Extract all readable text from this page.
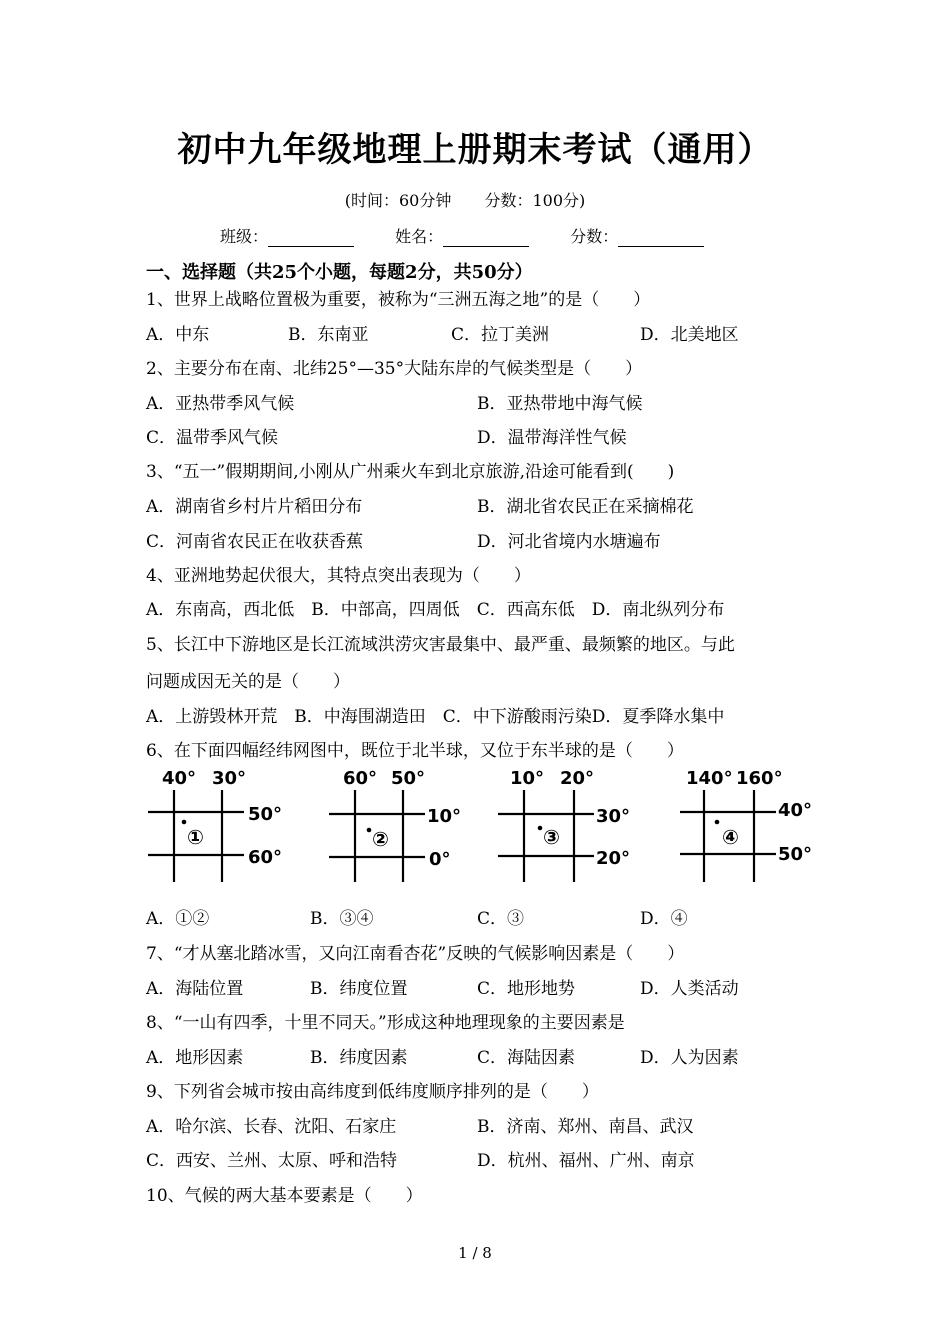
初中九年级地理上册期末考试（通用）
(时间：60分钟 分数：100分)
班级：	姓名：	分数：
一、选择题（共25个小题，每题2分，共50分）
1、世界上战略位置极为重要，被称为“三洲五海之地”的是（　　）
A．中东	B．东南亚	C．拉丁美洲	D．北美地区
2、主要分布在南、北纬25°—35°大陆东岸的气候类型是（　　）
A．亚热带季风气候	B．亚热带地中海气候
C．温带季风气候	D．温带海洋性气候
3、“五一”假期期间,小刚从广州乘火车到北京旅游,沿途可能看到(　　)
A．湖南省乡村片片稻田分布	B．湖北省农民正在采摘棉花
C．河南省农民正在收获香蕉	D．河北省境内水塘遍布
4、亚洲地势起伏很大，其特点突出表现为（　　）
A．东南高，西北低　B．中部高，四周低　C．西高东低　D．南北纵列分布
5、长江中下游地区是长江流域洪涝灾害最集中、最严重、最频繁的地区。与此
问题成因无关的是（　　）
A．上游毁林开荒　B．中海围湖造田　C．中下游酸雨污染D．夏季降水集中
6、在下面四幅经纬网图中，既位于北半球，又位于东半球的是（　　）
40° 30°
50°
60°
①
60° 50°
10°
0°
②
10° 20°
30°
20°
③
140° 160°
40°
50°
④
A．①②	B．③④	C．③	D．④
7、“才从塞北踏冰雪，又向江南看杏花”反映的气候影响因素是（　　）
A．海陆位置	B．纬度位置	C．地形地势	D．人类活动
8、“一山有四季，十里不同天。”形成这种地理现象的主要因素是
A．地形因素	B．纬度因素	C．海陆因素	D．人为因素
9、下列省会城市按由高纬度到低纬度顺序排列的是（　　）
A．哈尔滨、长春、沈阳、石家庄	B．济南、郑州、南昌、武汉
C．西安、兰州、太原、呼和浩特	D．杭州、福州、广州、南京
10、气候的两大基本要素是（　　）
1 / 8
